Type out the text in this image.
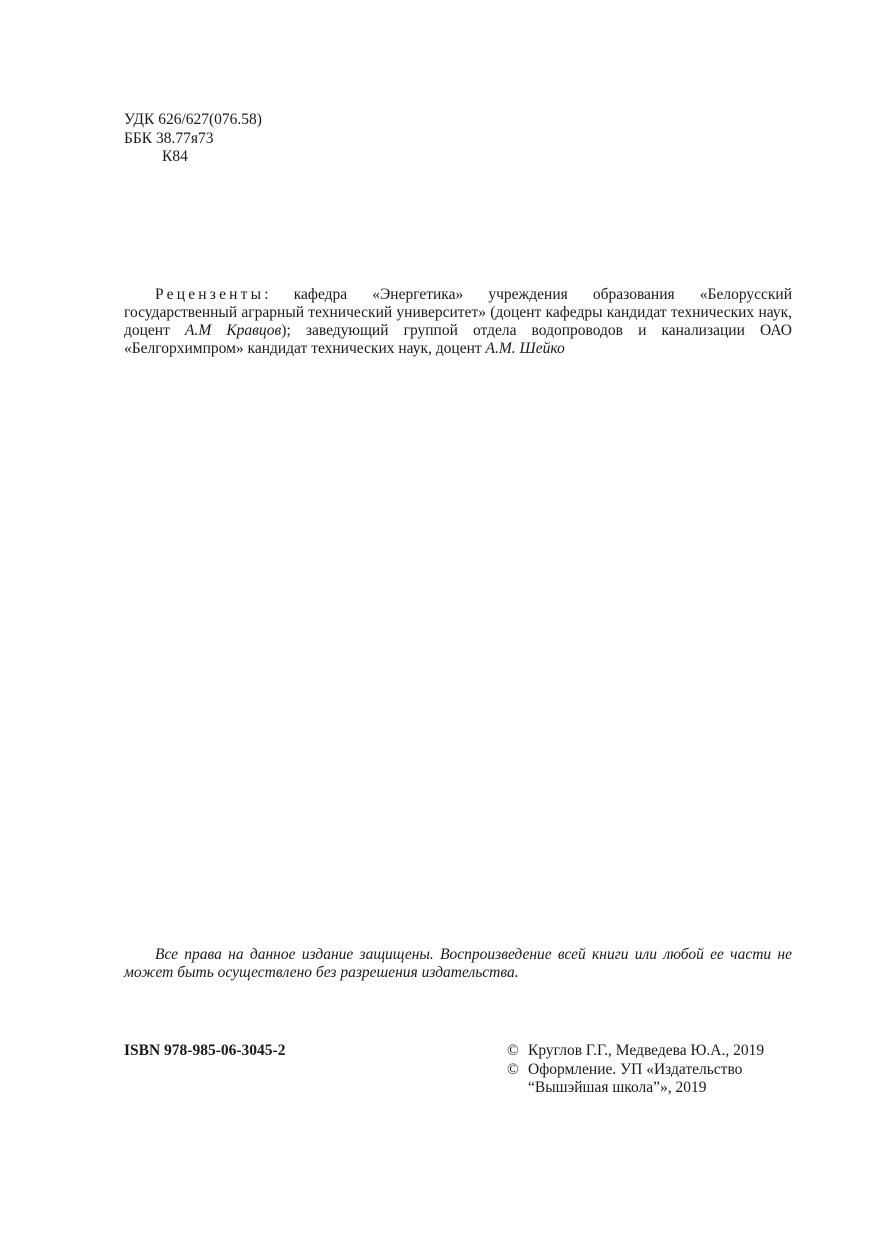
УДК 626/627(076.58)
ББК 38.77я73
К84
Рецензенты: кафедра «Энергетика» учреждения образования «Белорусский государственный аграрный технический университет» (доцент кафедры кандидат технических наук, доцент А.М Кравцов); заведующий группой отдела водопроводов и канализации ОАО «Белгорхимпром» кандидат технических наук, доцент А.М. Шейко
Все права на данное издание защищены. Воспроизведение всей книги или любой ее части не может быть осуществлено без разрешения издательства.
ISBN 978-985-06-3045-2	© Круглов Г.Г., Медведева Ю.А., 2019
© Оформление. УП «Издательство
“Вышэйшая школа”», 2019
